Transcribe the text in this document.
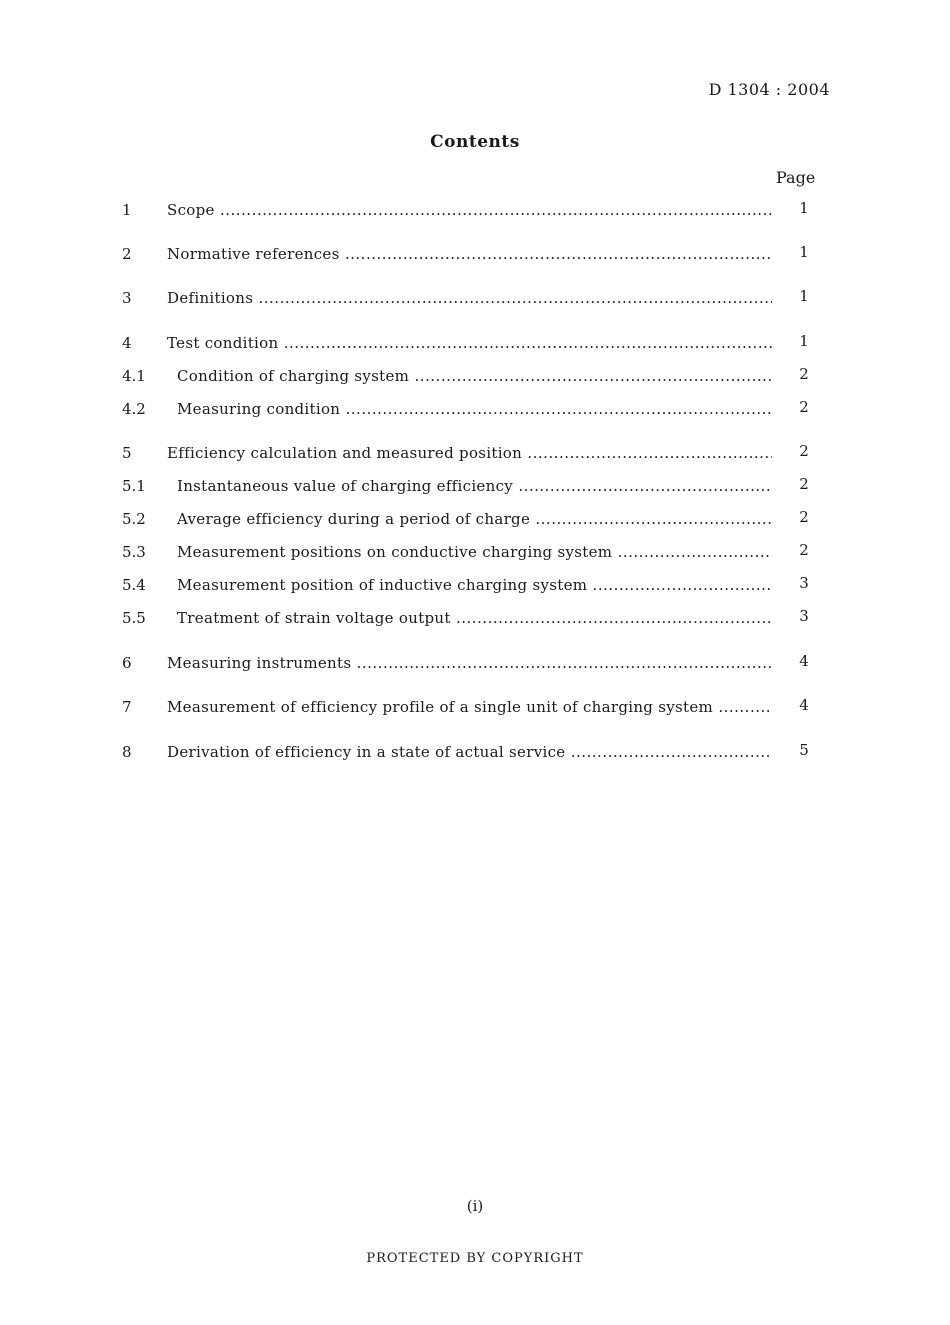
D 1304 : 2004
Contents
Page
1	Scope .....	1
2	Normative references .....	1
3	Definitions .....	1
4	Test condition .....	1
4.1	Condition of charging system .....	2
4.2	Measuring condition .....	2
5	Efficiency calculation and measured position .....	2
5.1	Instantaneous value of charging efficiency .....	2
5.2	Average efficiency during a period of charge .....	2
5.3	Measurement positions on conductive charging system .....	2
5.4	Measurement position of inductive charging system .....	3
5.5	Treatment of strain voltage output .....	3
6	Measuring instruments .....	4
7	Measurement of efficiency profile of a single unit of charging system .....	4
8	Derivation of efficiency in a state of actual service .....	5
(i)
PROTECTED BY COPYRIGHT
